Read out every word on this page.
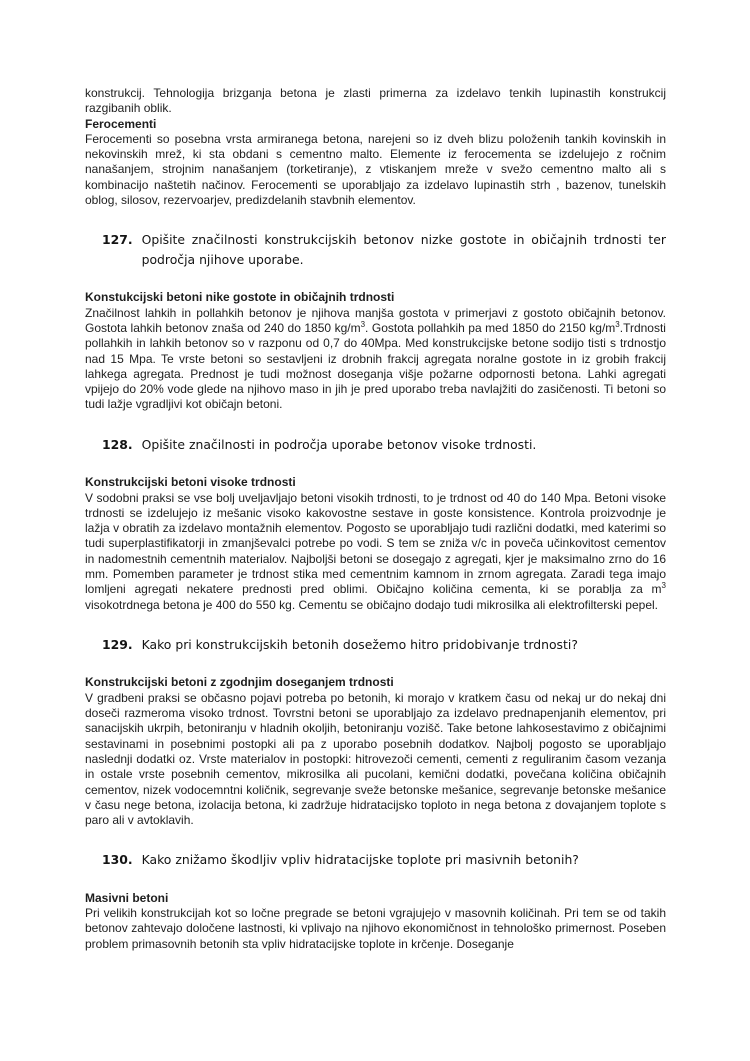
konstrukcij. Tehnologija brizganja betona je zlasti primerna za izdelavo tenkih lupinastih konstrukcij razgibanih oblik.

Ferocementi

Ferocementi so posebna vrsta armiranega betona, narejeni so iz dveh blizu položenih tankih kovinskih in nekovinskih mrež, ki sta obdani s cementno malto. Elemente iz ferocementa se izdelujejo z ročnim nanašanjem, strojnim nanašanjem (torketiranje), z vtiskanjem mreže v svežo cementno malto ali s kombinacijo naštetih načinov. Ferocementi se uporabljajo za izdelavo lupinastih strh , bazenov, tunelskih oblog, silosov, rezervoarjev, predizdelanih stavbnih elementov.

127. Opišite značilnosti konstrukcijskih betonov nizke gostote in običajnih trdnosti ter področja njihove uporabe.
Konstukcijski betoni nike gostote in običajnih trdnosti

Značilnost lahkih in pollahkih betonov je njihova manjša gostota v primerjavi z gostoto običajnih betonov. Gostota lahkih betonov znaša od 240 do 1850 $kg/m^3$. Gostota pollahkih pa med 1850 do 2150 $kg/m^3.Trdnosti$ pollahkih in lahkih betonov so v razponu od 0,7 do 40Mpa. Med konstrukcijske betone sodijo tisti s trdnostjo nad 15 Mpa. Te vrste betoni so sestavljeni iz drobnih frakcij agregata noralne gostote in iz grobih frakcij lahkega agregata. Prednost je tudi možnost doseganja višje požarne odpornosti betona. Lahki agregati vpijejo do 20% vode glede na njihovo maso in jih je pred uporabo treba navlajžiti do zasičenosti. Ti betoni so tudi lažje vgradljivi kot običajn betoni.

128. Opišite značilnosti in področja uporabe betonov visoke trdnosti.
Konstrukcijski betoni visoke trdnosti

V sodobni praksi se vse bolj uveljavljajo betoni visokih trdnosti, to je trdnost od 40 do 140 Mpa. Betoni visoke trdnosti se izdelujejo iz mešanic visoko kakovostne sestave in goste konsistence. Kontrola proizvodnje je lažja v obratih za izdelavo montažnih elementov. Pogosto se uporabljajo tudi različni dodatki, med katerimi so tudi superplastifikatorji in zmanjševalci potrebe po vodi. S tem se zniža v/c in poveča učinkovitost cementov in nadomestnih cementnih materialov. Najboljši betoni se dosegajo z agregati, kjer je maksimalno zrno do 16 mm. Pomemben parameter je trdnost stika med cementnim kamnom in zrnom agregata. Zaradi tega imajo lomljeni agregati nekatere prednosti pred oblimi. Običajno količina cementa, ki se porablja za $m^3$ visokotrdnega betona je 400 do 550 kg. Cementu se običajno dodajo tudi mikrosilka ali elektrofilterski pepel.

129. Kako pri konstrukcijskih betonih dosežemo hitro pridobivanje trdnosti?
Konstrukcijski betoni z zgodnjim doseganjem trdnosti

V gradbeni praksi se občasno pojavi potreba po betonih, ki morajo v kratkem času od nekaj ur do nekaj dni doseči razmeroma visoko trdnost. Tovrstni betoni se uporabljajo za izdelavo prednapenjanih elementov, pri sanacijskih ukrpih, betoniranju v hladnih okoljih, betoniranju vozišč. Take betone lahkosestavimo z običajnimi sestavinami in posebnimi postopki ali pa z uporabo posebnih dodatkov. Najbolj pogosto se uporabljajo naslednji dodatki oz. Vrste materialov in postopki: hitrovezoči cementi, cementi z reguliranim časom vezanja in ostale vrste posebnih cementov, mikrosilka ali pucolani, kemični dodatki, povečana količina običajnih cementov, nizek vodocemntni količnik, segrevanje sveže betonske mešanice, segrevanje betonske mešanice v času nege betona, izolacija betona, ki zadržuje hidratacijsko toploto in nega betona z dovajanjem toplote s paro ali v avtoklavih.

130. Kako znižamo škodljiv vpliv hidratacijske toplote pri masivnih betonih?
Masivni betoni

Pri velikih konstrukcijah kot so ločne pregrade se betoni vgrajujejo v masovnih količinah. Pri tem se od takih betonov zahtevajo določene lastnosti, ki vplivajo na njihovo ekonomičnost in tehnološko primernost. Poseben problem primasovnih betonih sta vpliv hidratacijske toplote in krčenje. Doseganje
